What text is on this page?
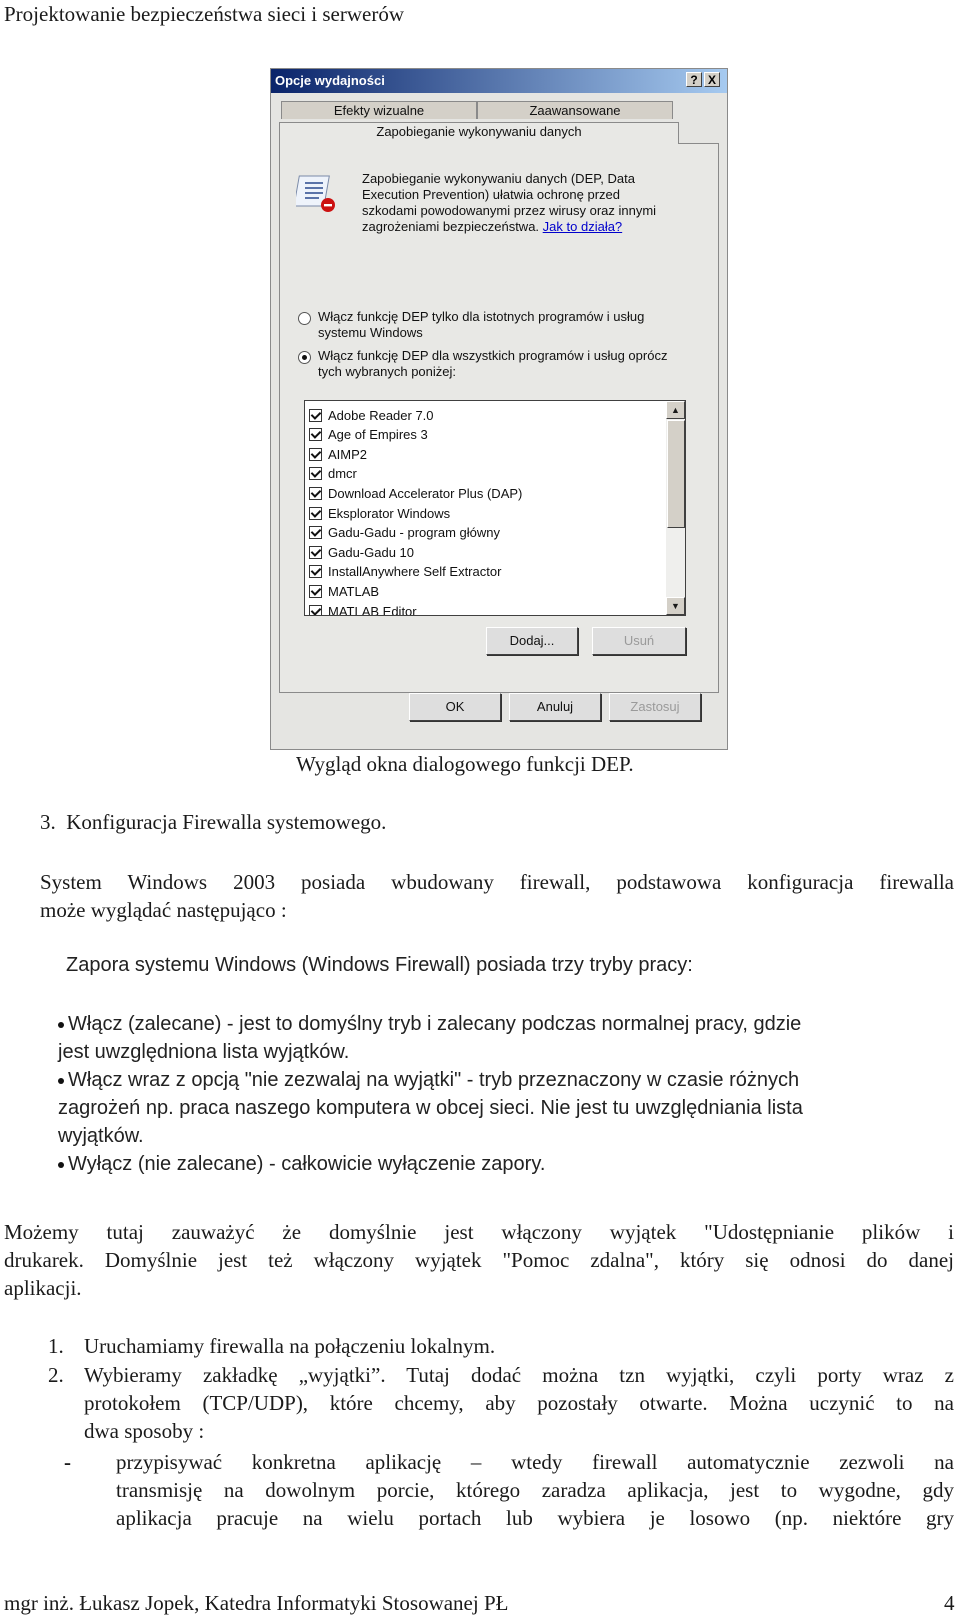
Projektowanie bezpieczeństwa sieci i serwerów
Opcje wydajności	? X
Efekty wizualne	Zaawansowane
Zapobieganie wykonywaniu danych
Zapobieganie wykonywaniu danych (DEP, Data
Execution Prevention) ułatwia ochronę przed
szkodami powodowanymi przez wirusy oraz innymi
zagrożeniami bezpieczeństwa. Jak to działa?
Włącz funkcję DEP tylko dla istotnych programów i usług
systemu Windows
Włącz funkcję DEP dla wszystkich programów i usług oprócz
tych wybranych poniżej:
Adobe Reader 7.0
Age of Empires 3
AIMP2
dmcr
Download Accelerator Plus (DAP)
Eksplorator Windows
Gadu-Gadu - program główny
Gadu-Gadu 10
InstallAnywhere Self Extractor
MATLAB
MATLAB Editor
▲
▼
Dodaj...	Usuń
OK	Anuluj	Zastosuj
Wygląd okna dialogowego funkcji DEP.
3. Konfiguracja Firewalla systemowego.
System Windows 2003 posiada wbudowany firewall, podstawowa konfiguracja firewalla
może wyglądać następująco :
Zapora systemu Windows (Windows Firewall) posiada trzy tryby pracy:
Włącz (zalecane) - jest to domyślny tryb i zalecany podczas normalnej pracy, gdzie
jest uwzględniona lista wyjątków.
Włącz wraz z opcją "nie zezwalaj na wyjątki" - tryb przeznaczony w czasie różnych
zagrożeń np. praca naszego komputera w obcej sieci. Nie jest tu uwzględniania lista
wyjątków.
Wyłącz (nie zalecane) - całkowicie wyłączenie zapory.
Możemy tutaj zauważyć że domyślnie jest włączony wyjątek "Udostępnianie plików i
drukarek. Domyślnie jest też włączony wyjątek "Pomoc zdalna", który się odnosi do danej
aplikacji.
1. Uruchamiamy firewalla na połączeniu lokalnym.
2. Wybieramy zakładkę „wyjątki”. Tutaj dodać można tzn wyjątki, czyli porty wraz z
protokołem (TCP/UDP), które chcemy, aby pozostały otwarte. Można uczynić to na
dwa sposoby :
- przypisywać konkretna aplikację – wtedy firewall automatycznie zezwoli na
transmisję na dowolnym porcie, którego zaradza aplikacja, jest to wygodne, gdy
aplikacja pracuje na wielu portach lub wybiera je losowo (np. niektóre gry
mgr inż. Łukasz Jopek, Katedra Informatyki Stosowanej PŁ	4
